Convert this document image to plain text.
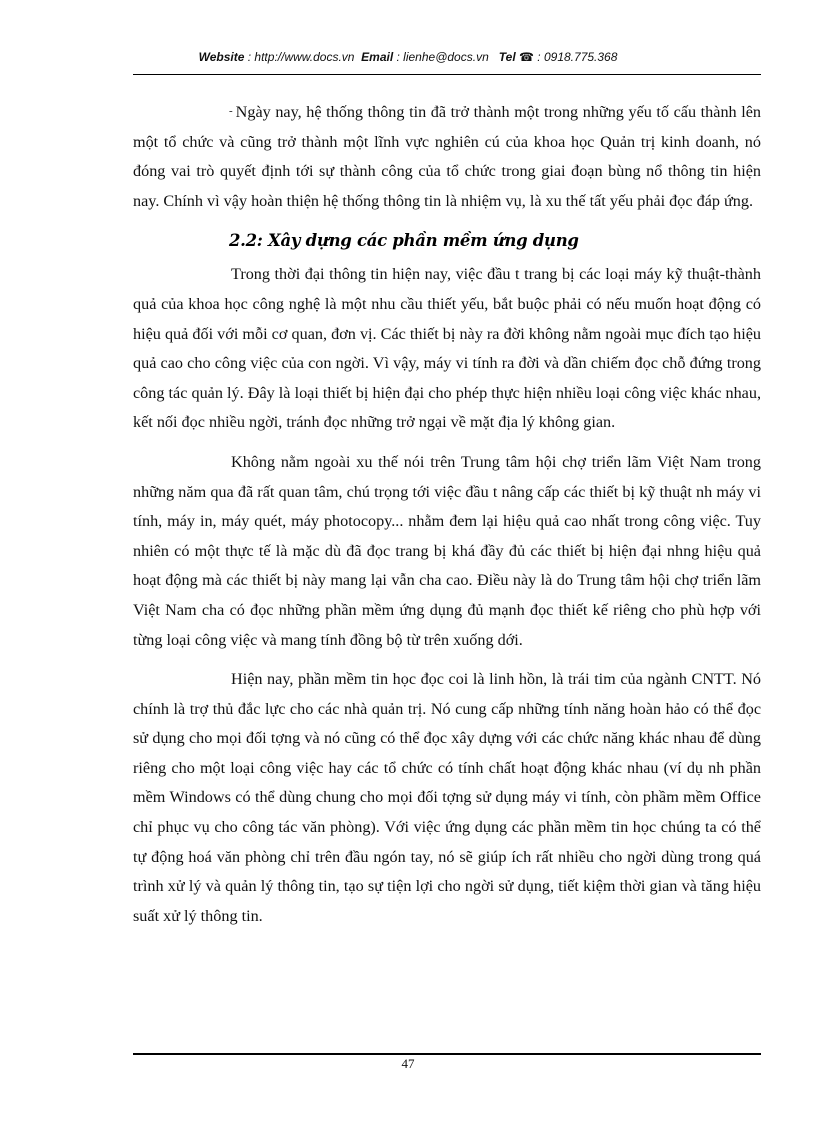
Website : http://www.docs.vn Email : lienhe@docs.vn Tel ☎ : 0918.775.368

- Ngày nay, hệ thống thông tin đã trở thành một trong những yếu tố cấu thành lên một tổ chức và cũng trở thành một lĩnh vực nghiên cú của khoa học Quản trị kinh doanh, nó đóng vai trò quyết định tới sự thành công của tổ chức trong giai đoạn bùng nổ thông tin hiện nay. Chính vì vậy hoàn thiện hệ thống thông tin là nhiệm vụ, là xu thế tất yếu phải đọc đáp ứng.

2.2: Xây dựng các phần mềm ứng dụng

Trong thời đại thông tin hiện nay, việc đầu t trang bị các loại máy kỹ thuật-thành quả của khoa học công nghệ là một nhu cầu thiết yếu, bắt buộc phải có nếu muốn hoạt động có hiệu quả đối với mỗi cơ quan, đơn vị. Các thiết bị này ra đời không nằm ngoài mục đích tạo hiệu quả cao cho công việc của con ngời. Vì vậy, máy vi tính ra đời và dần chiếm đọc chỗ đứng trong công tác quản lý. Đây là loại thiết bị hiện đại cho phép thực hiện nhiều loại công việc khác nhau, kết nối đọc nhiều ngời, tránh đọc những trở ngại về mặt địa lý không gian.

Không nằm ngoài xu thế nói trên Trung tâm hội chợ triển lãm Việt Nam trong những năm qua đã rất quan tâm, chú trọng tới việc đầu t nâng cấp các thiết bị kỹ thuật nh máy vi tính, máy in, máy quét, máy photocopy... nhằm đem lại hiệu quả cao nhất trong công việc. Tuy nhiên có một thực tế là mặc dù đã đọc trang bị khá đầy đủ các thiết bị hiện đại nhng hiệu quả hoạt động mà các thiết bị này mang lại vẫn cha cao. Điều này là do Trung tâm hội chợ triển lãm Việt Nam cha có đọc những phần mềm ứng dụng đủ mạnh đọc thiết kế riêng cho phù hợp với từng loại công việc và mang tính đồng bộ từ trên xuống dới.

Hiện nay, phần mềm tin học đọc coi là linh hồn, là trái tim của ngành CNTT. Nó chính là trợ thủ đắc lực cho các nhà quản trị. Nó cung cấp những tính năng hoàn hảo có thể đọc sử dụng cho mọi đối tợng và nó cũng có thể đọc xây dựng với các chức năng khác nhau để dùng riêng cho một loại công việc hay các tổ chức có tính chất hoạt động khác nhau (ví dụ nh phần mềm Windows có thể dùng chung cho mọi đối tợng sử dụng máy vi tính, còn phầm mềm Office chỉ phục vụ cho công tác văn phòng). Với việc ứng dụng các phần mềm tin học chúng ta có thể tự động hoá văn phòng chỉ trên đầu ngón tay, nó sẽ giúp ích rất nhiều cho ngời dùng trong quá trình xử lý và quản lý thông tin, tạo sự tiện lợi cho ngời sử dụng, tiết kiệm thời gian và tăng hiệu suất xử lý thông tin.

47
